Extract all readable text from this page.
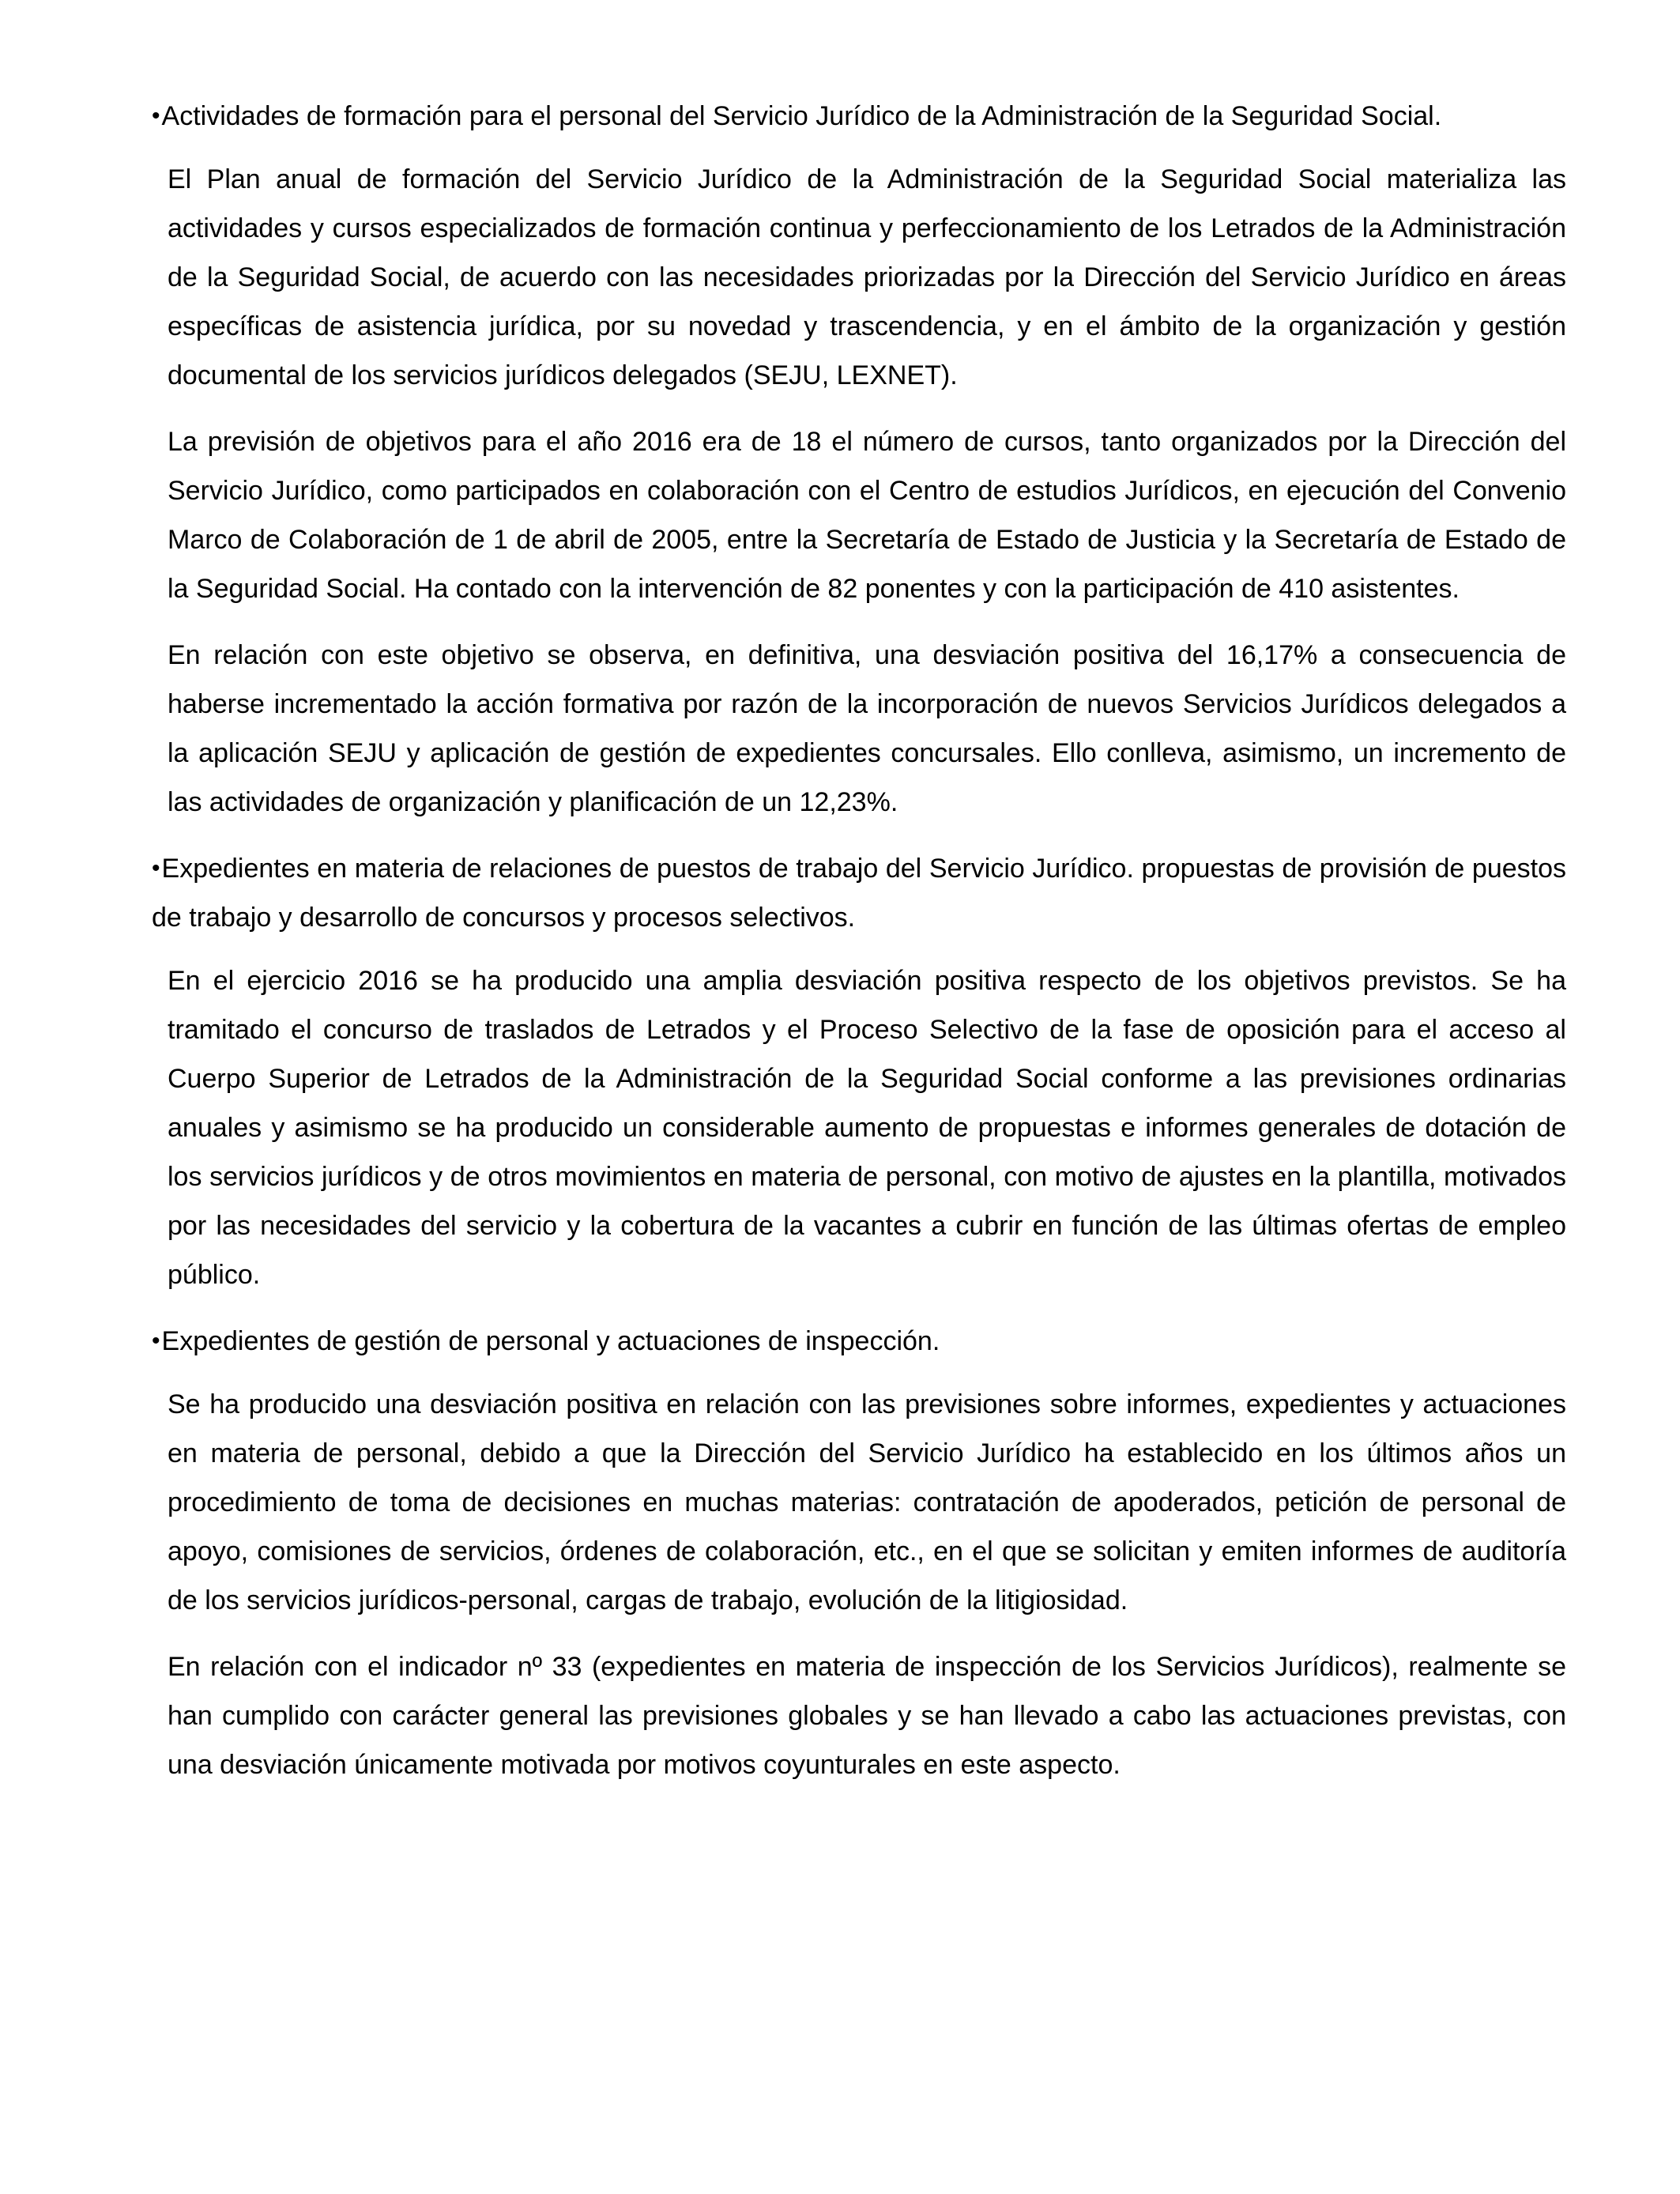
•Actividades de formación para el personal del Servicio Jurídico de la Administración de la Seguridad Social.

El Plan anual de formación del Servicio Jurídico de la Administración de la Seguridad Social materializa las actividades y cursos especializados de formación continua y perfeccionamiento de los Letrados de la Administración de la Seguridad Social, de acuerdo con las necesidades priorizadas por la Dirección del Servicio Jurídico en áreas específicas de asistencia jurídica, por su novedad y trascendencia, y en el ámbito de la organización y gestión documental de los servicios jurídicos delegados (SEJU, LEXNET).

La previsión de objetivos para el año 2016 era de 18 el número de cursos, tanto organizados por la Dirección del Servicio Jurídico, como participados en colaboración con el Centro de estudios Jurídicos, en ejecución del Convenio Marco de Colaboración de 1 de abril de 2005, entre la Secretaría de Estado de Justicia y la Secretaría de Estado de la Seguridad Social. Ha contado con la intervención de 82 ponentes y con la participación de 410 asistentes.

En relación con este objetivo se observa, en definitiva, una desviación positiva del 16,17% a consecuencia de haberse incrementado la acción formativa por razón de la incorporación de nuevos Servicios Jurídicos delegados a la aplicación SEJU y aplicación de gestión de expedientes concursales. Ello conlleva, asimismo, un incremento de las actividades de organización y planificación de un 12,23%.

•Expedientes en materia de relaciones de puestos de trabajo del Servicio Jurídico. propuestas de provisión de puestos de trabajo y desarrollo de concursos y procesos selectivos.

En el ejercicio 2016 se ha producido una amplia desviación positiva respecto de los objetivos previstos. Se ha tramitado el concurso de traslados de Letrados y el Proceso Selectivo de la fase de oposición para el acceso al Cuerpo Superior de Letrados de la Administración de la Seguridad Social conforme a las previsiones ordinarias anuales y asimismo se ha producido un considerable aumento de propuestas e informes generales de dotación de los servicios jurídicos y de otros movimientos en materia de personal, con motivo de ajustes en la plantilla, motivados por las necesidades del servicio y la cobertura de la vacantes a cubrir en función de las últimas ofertas de empleo público.

•Expedientes de gestión de personal y actuaciones de inspección.

Se ha producido una desviación positiva en relación con las previsiones sobre informes, expedientes y actuaciones en materia de personal, debido a que la Dirección del Servicio Jurídico ha establecido en los últimos años un procedimiento de toma de decisiones en muchas materias: contratación de apoderados, petición de personal de apoyo, comisiones de servicios, órdenes de colaboración, etc., en el que se solicitan y emiten informes de auditoría de los servicios jurídicos-personal, cargas de trabajo, evolución de la litigiosidad.

En relación con el indicador nº 33 (expedientes en materia de inspección de los Servicios Jurídicos), realmente se han cumplido con carácter general las previsiones globales y se han llevado a cabo las actuaciones previstas, con una desviación únicamente motivada por motivos coyunturales en este aspecto.
